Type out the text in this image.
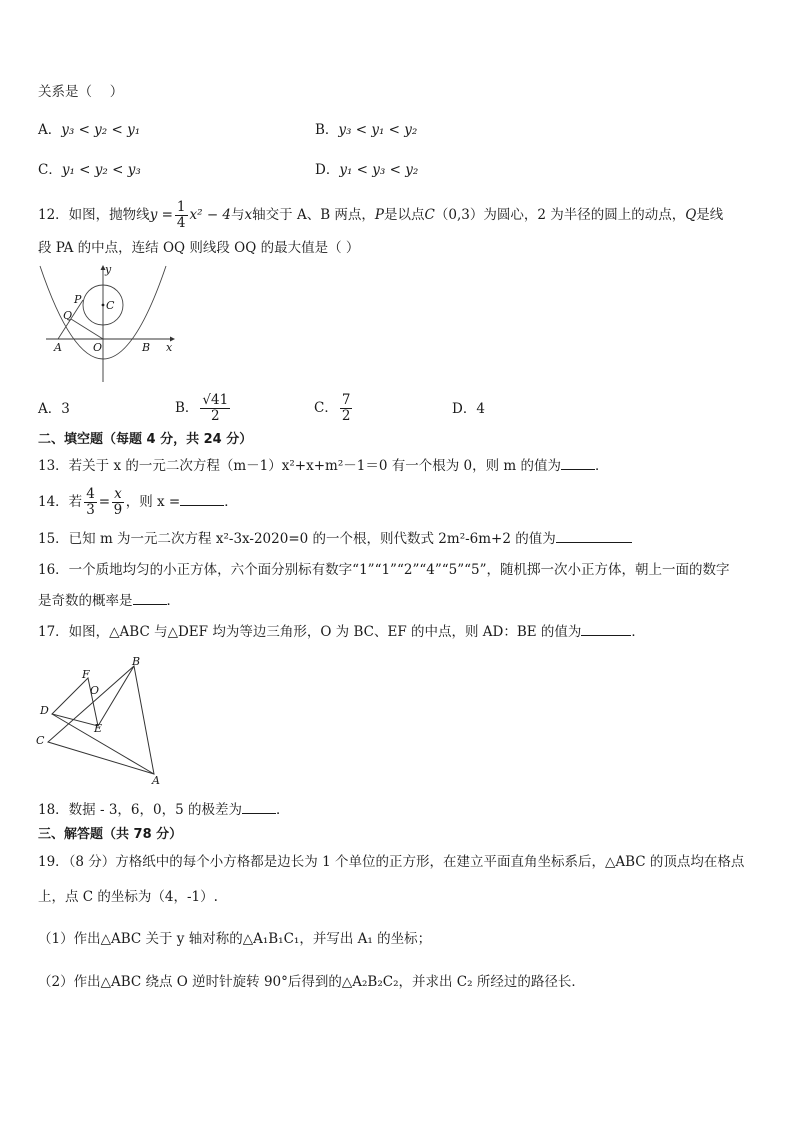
关系是（　 ）
A．y₃ < y₂ < y₁	B．y₃ < y₁ < y₂
C．y₁ < y₂ < y₃	D．y₁ < y₃ < y₂
12．如图，抛物线$y = \frac{1}{4} x^2 - 4$与x轴交于 A、B 两点，P是以点C（0,3）为圆心，2 为半径的圆上的动点，Q是线
段 PA 的中点，连结 OQ 则线段 OQ 的最大值是（ ）
y
x
P C
Q
A	O	B
A．3	B． $\frac{√41}{2}$	C． $\frac{7}{2}$	D．4
二、填空题（每题 4 分，共 24 分）
13．若关于 x 的一元二次方程（m－1）x²+x+m²－1＝0 有一个根为 0，则 m 的值为	．
14．若 $\frac{4}{3} = \frac{x}{9}$ ，则 x =	．
15．已知 m 为一元二次方程 x²-3x-2020=0 的一个根，则代数式 2m²-6m+2 的值为
16．一个质地均匀的小正方体，六个面分别标有数字“1”“1”“2”“4”“5”“5”，随机掷一次小正方体，朝上一面的数字
是奇数的概率是	．
17．如图，△ABC 与△DEF 均为等边三角形，O 为 BC、EF 的中点，则 AD：BE 的值为	．
F
B
O
D
E
C
A
18．数据 - 3，6，0，5 的极差为	．
三、解答题（共 78 分）
19．（8 分）方格纸中的每个小方格都是边长为 1 个单位的正方形，在建立平面直角坐标系后，△ABC 的顶点均在格点
上，点 C 的坐标为（4，-1）.
（1）作出△ABC 关于 y 轴对称的△A₁B₁C₁，并写出 A₁ 的坐标；
（2）作出△ABC 绕点 O 逆时针旋转 90°后得到的△A₂B₂C₂，并求出 C₂ 所经过的路径长．
